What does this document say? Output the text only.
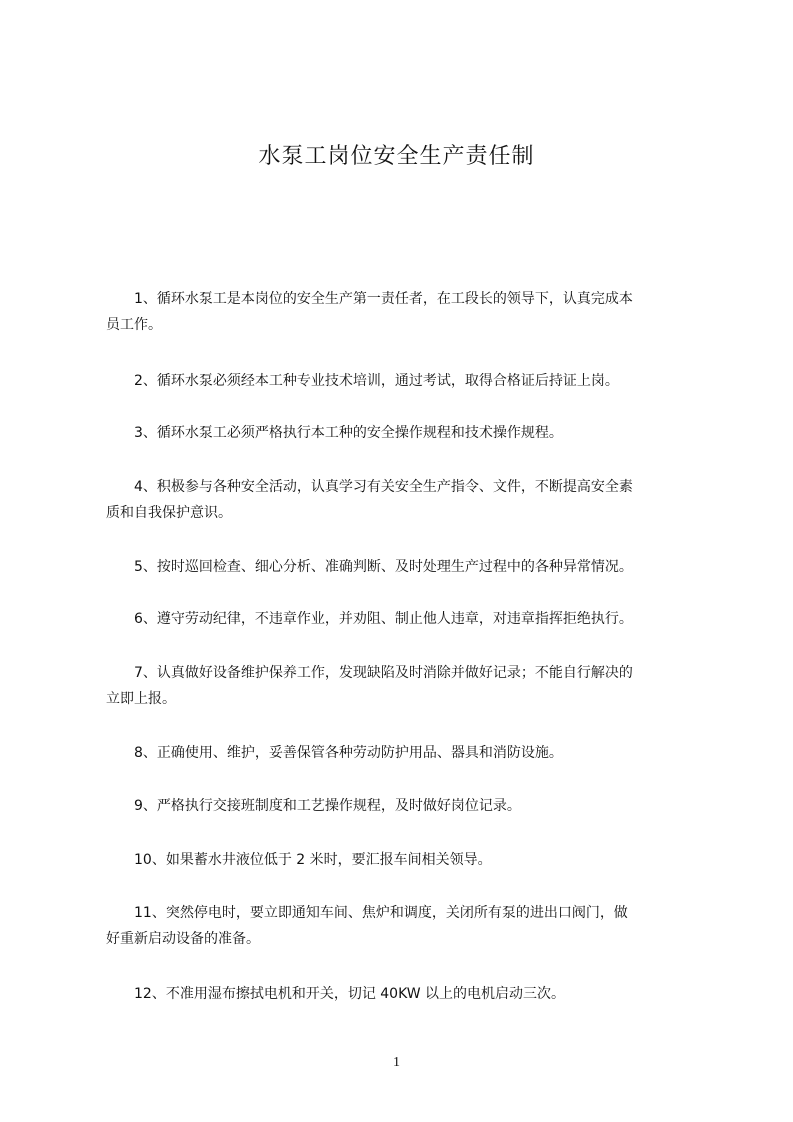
水泵工岗位安全生产责任制

1、循环水泵工是本岗位的安全生产第一责任者，在工段长的领导下，认真完成本
员工作。

2、循环水泵必须经本工种专业技术培训，通过考试，取得合格证后持证上岗。

3、循环水泵工必须严格执行本工种的安全操作规程和技术操作规程。

4、积极参与各种安全活动，认真学习有关安全生产指令、文件，不断提高安全素
质和自我保护意识。

5、按时巡回检查、细心分析、准确判断、及时处理生产过程中的各种异常情况。

6、遵守劳动纪律，不违章作业，并劝阻、制止他人违章，对违章指挥拒绝执行。

7、认真做好设备维护保养工作，发现缺陷及时消除并做好记录；不能自行解决的
立即上报。

8、正确使用、维护，妥善保管各种劳动防护用品、器具和消防设施。

9、严格执行交接班制度和工艺操作规程，及时做好岗位记录。

10、如果蓄水井液位低于 2 米时，要汇报车间相关领导。

11、突然停电时，要立即通知车间、焦炉和调度，关闭所有泵的进出口阀门，做
好重新启动设备的准备。

12、不准用湿布擦拭电机和开关，切记 40KW 以上的电机启动三次。

1
